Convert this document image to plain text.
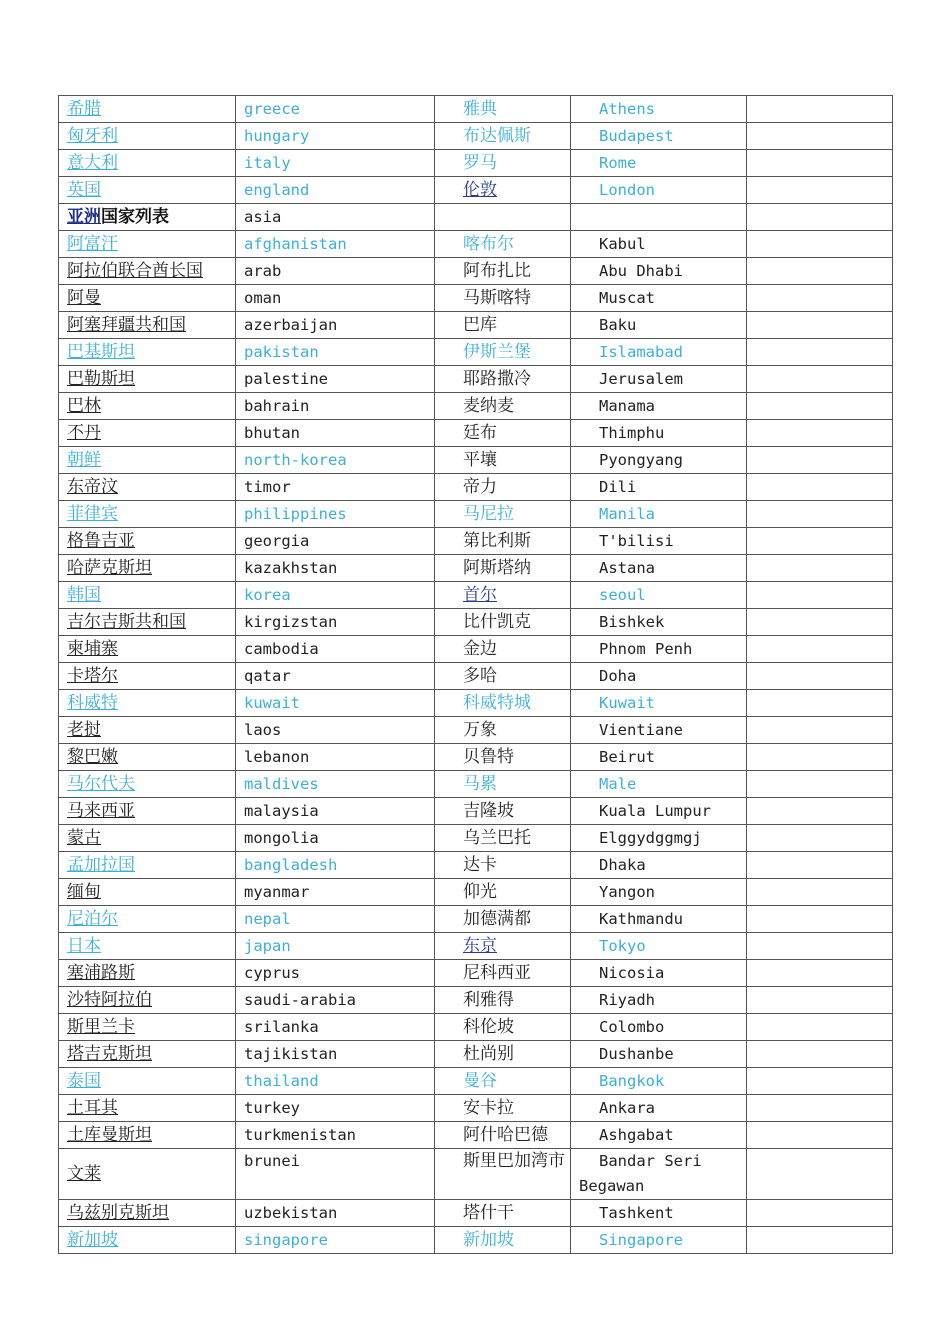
希腊	greece	雅典	Athens	
匈牙利	hungary	布达佩斯	Budapest	
意大利	italy	罗马	Rome	
英国	england	伦敦	London	
亚洲国家列表	asia			
阿富汗	afghanistan	喀布尔	Kabul	
阿拉伯联合酋长国	arab	阿布扎比	Abu Dhabi	
阿曼	oman	马斯喀特	Muscat	
阿塞拜疆共和国	azerbaijan	巴库	Baku	
巴基斯坦	pakistan	伊斯兰堡	Islamabad	
巴勒斯坦	palestine	耶路撒冷	Jerusalem	
巴林	bahrain	麦纳麦	Manama	
不丹	bhutan	廷布	Thimphu	
朝鲜	north-korea	平壤	Pyongyang	
东帝汶	timor	帝力	Dili	
菲律宾	philippines	马尼拉	Manila	
格鲁吉亚	georgia	第比利斯	T'bilisi	
哈萨克斯坦	kazakhstan	阿斯塔纳	Astana	
韩国	korea	首尔	seoul	
吉尔吉斯共和国	kirgizstan	比什凯克	Bishkek	
柬埔寨	cambodia	金边	Phnom Penh	
卡塔尔	qatar	多哈	Doha	
科威特	kuwait	科威特城	Kuwait	
老挝	laos	万象	Vientiane	
黎巴嫩	lebanon	贝鲁特	Beirut	
马尔代夫	maldives	马累	Male	
马来西亚	malaysia	吉隆坡	Kuala Lumpur	
蒙古	mongolia	乌兰巴托	Elggydggmgj	
孟加拉国	bangladesh	达卡	Dhaka	
缅甸	myanmar	仰光	Yangon	
尼泊尔	nepal	加德满都	Kathmandu	
日本	japan	东京	Tokyo	
塞浦路斯	cyprus	尼科西亚	Nicosia	
沙特阿拉伯	saudi-arabia	利雅得	Riyadh	
斯里兰卡	srilanka	科伦坡	Colombo	
塔吉克斯坦	tajikistan	杜尚别	Dushanbe	
泰国	thailand	曼谷	Bangkok	
土耳其	turkey	安卡拉	Ankara	
土库曼斯坦	turkmenistan	阿什哈巴德	Ashgabat	
文莱	brunei	斯里巴加湾市	Bandar Seri Begawan	
乌兹别克斯坦	uzbekistan	塔什干	Tashkent	
新加坡	singapore	新加坡	Singapore	
